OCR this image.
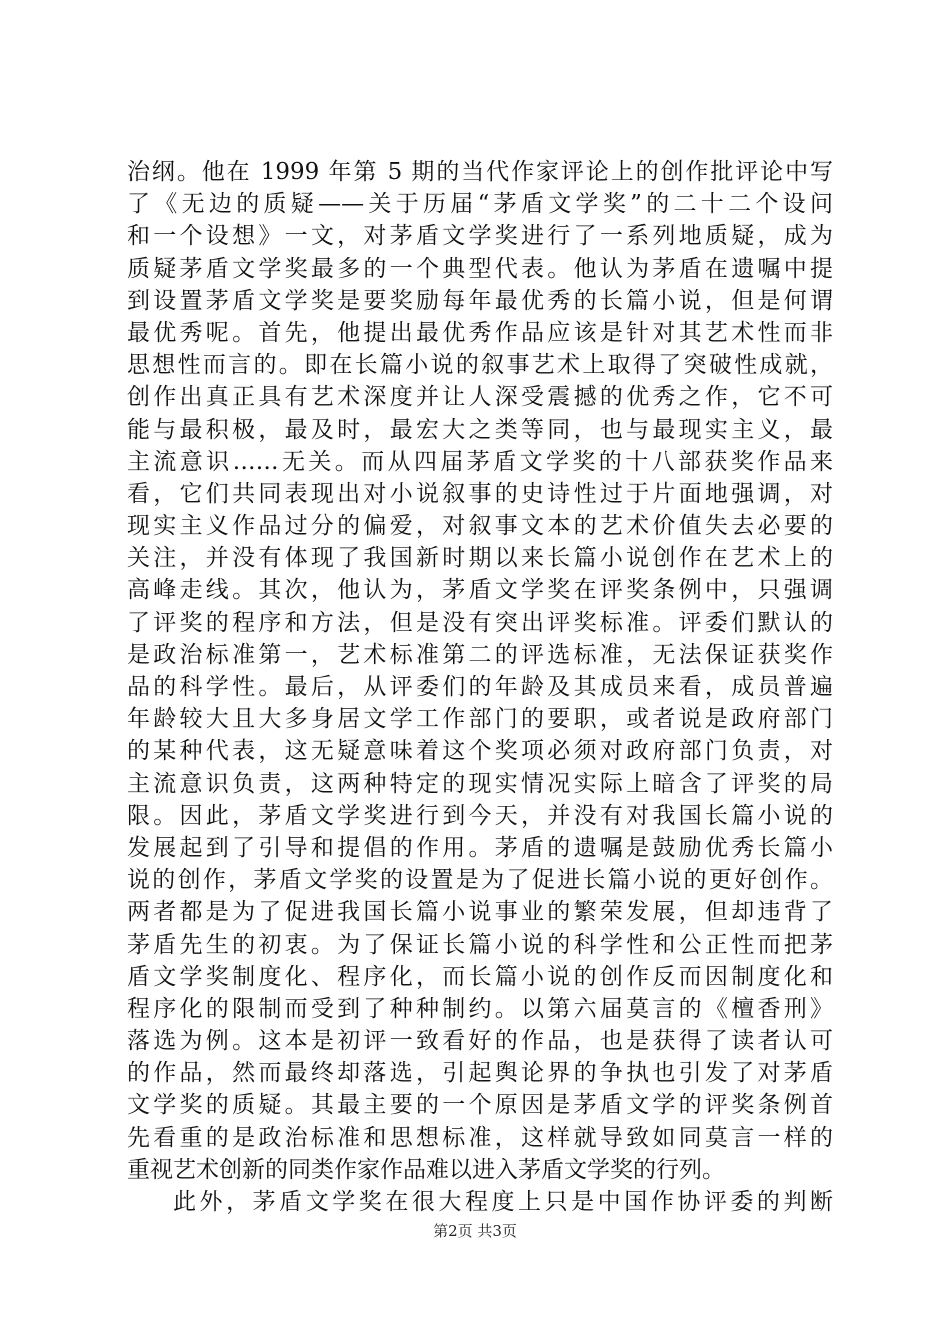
治纲。他在 1999 年第 5 期的当代作家评论上的创作批评论中写
了《无边的质疑——关于历届“茅盾文学奖”的二十二个设问
和一个设想》一文，对茅盾文学奖进行了一系列地质疑，成为
质疑茅盾文学奖最多的一个典型代表。他认为茅盾在遗嘱中提
到设置茅盾文学奖是要奖励每年最优秀的长篇小说，但是何谓
最优秀呢。首先，他提出最优秀作品应该是针对其艺术性而非
思想性而言的。即在长篇小说的叙事艺术上取得了突破性成就，
创作出真正具有艺术深度并让人深受震撼的优秀之作，它不可
能与最积极，最及时，最宏大之类等同，也与最现实主义，最
主流意识……无关。而从四届茅盾文学奖的十八部获奖作品来
看，它们共同表现出对小说叙事的史诗性过于片面地强调，对
现实主义作品过分的偏爱，对叙事文本的艺术价值失去必要的
关注，并没有体现了我国新时期以来长篇小说创作在艺术上的
高峰走线。其次，他认为，茅盾文学奖在评奖条例中，只强调
了评奖的程序和方法，但是没有突出评奖标准。评委们默认的
是政治标准第一，艺术标准第二的评选标准，无法保证获奖作
品的科学性。最后，从评委们的年龄及其成员来看，成员普遍
年龄较大且大多身居文学工作部门的要职，或者说是政府部门
的某种代表，这无疑意味着这个奖项必须对政府部门负责，对
主流意识负责，这两种特定的现实情况实际上暗含了评奖的局
限。因此，茅盾文学奖进行到今天，并没有对我国长篇小说的
发展起到了引导和提倡的作用。茅盾的遗嘱是鼓励优秀长篇小
说的创作，茅盾文学奖的设置是为了促进长篇小说的更好创作。
两者都是为了促进我国长篇小说事业的繁荣发展，但却违背了
茅盾先生的初衷。为了保证长篇小说的科学性和公正性而把茅
盾文学奖制度化、程序化，而长篇小说的创作反而因制度化和
程序化的限制而受到了种种制约。以第六届莫言的《檀香刑》
落选为例。这本是初评一致看好的作品，也是获得了读者认可
的作品，然而最终却落选，引起舆论界的争执也引发了对茅盾
文学奖的质疑。其最主要的一个原因是茅盾文学的评奖条例首
先看重的是政治标准和思想标准，这样就导致如同莫言一样的
重视艺术创新的同类作家作品难以进入茅盾文学奖的行列。
此外，茅盾文学奖在很大程度上只是中国作协评委的判断
第2页 共3页
